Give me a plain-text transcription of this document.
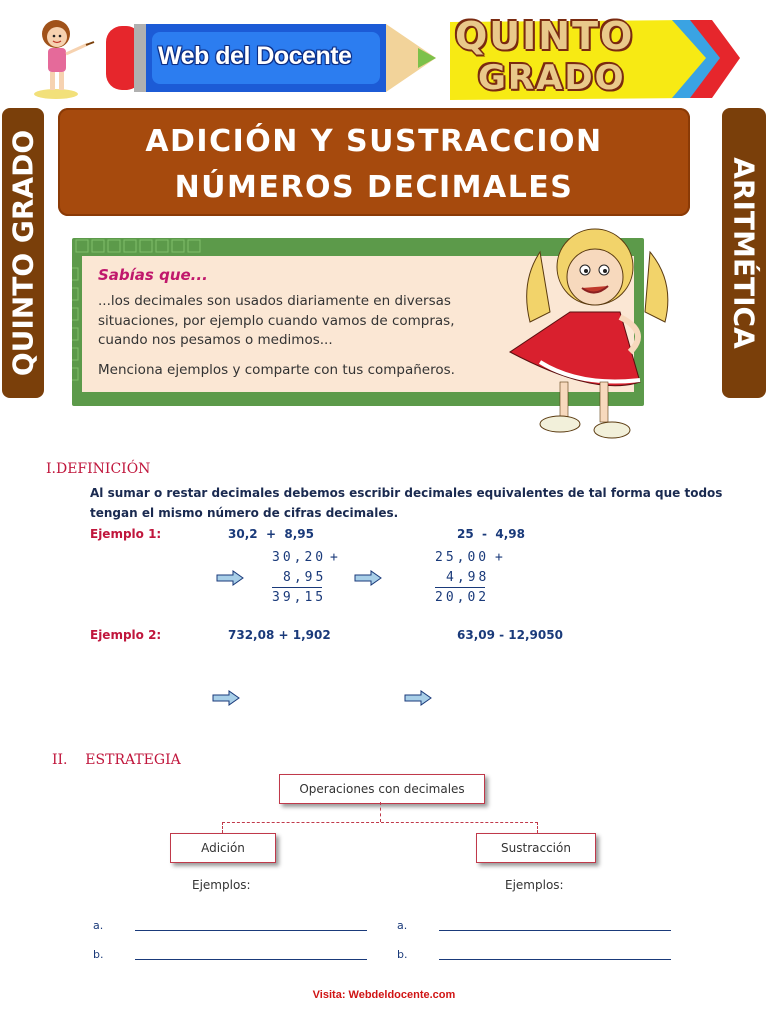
Web del Docente	QUINTO
GRADO
QUINTO GRADO	ARITMÉTICA
ADICIÓN Y SUSTRACCION
NÚMEROS DECIMALES
Sabías que...
...los decimales son usados diariamente en diversas
situaciones, por ejemplo cuando vamos de compras,
cuando nos pesamos o medimos...
Menciona ejemplos y comparte con tus compañeros.
I.DEFINICIÓN
Al sumar o restar decimales debemos escribir decimales equivalentes de tal forma que todos tengan el mismo número de cifras decimales.
Ejemplo 1:	30,2  +  8,95	25  -  4,98
30,20 +
8,95
39,15
25,00 +
4,98
20,02
Ejemplo 2:	732,08 + 1,902	63,09 - 12,9050
II.    ESTRATEGIA
Operaciones con decimales
Adición	Sustracción
Ejemplos:	Ejemplos:
a.
b.
a.
b.
Visita: Webdeldocente.com
